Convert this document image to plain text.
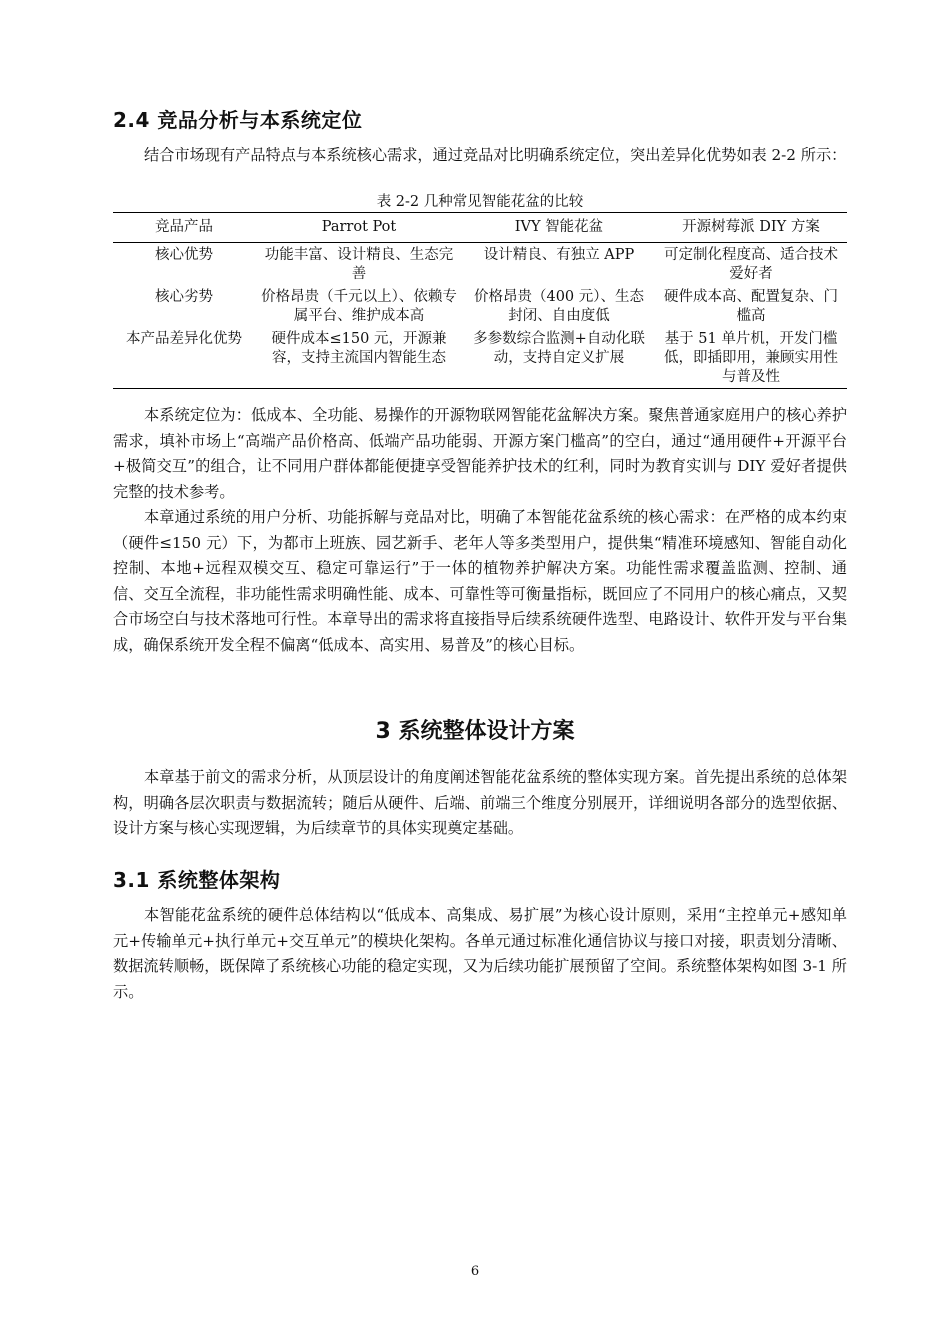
2.4 竞品分析与本系统定位

结合市场现有产品特点与本系统核心需求，通过竞品对比明确系统定位，突出差异化优势如表 2-2 所示：

表 2-2 几种常见智能花盆的比较
竞品产品	Parrot Pot	IVY 智能花盆	开源树莓派 DIY 方案
核心优势	功能丰富、设计精良、生态完善	设计精良、有独立 APP	可定制化程度高、适合技术爱好者
核心劣势	价格昂贵（千元以上）、依赖专属平台、维护成本高	价格昂贵（400 元）、生态封闭、自由度低	硬件成本高、配置复杂、门槛高
本产品差异化优势	硬件成本≤150 元，开源兼容，支持主流国内智能生态	多参数综合监测+自动化联动，支持自定义扩展	基于 51 单片机，开发门槛低，即插即用，兼顾实用性与普及性

本系统定位为：低成本、全功能、易操作的开源物联网智能花盆解决方案。聚焦普通家庭用户的核心养护需求，填补市场上“高端产品价格高、低端产品功能弱、开源方案门槛高”的空白，通过“通用硬件+开源平台+极简交互”的组合，让不同用户群体都能便捷享受智能养护技术的红利，同时为教育实训与 DIY 爱好者提供完整的技术参考。

本章通过系统的用户分析、功能拆解与竞品对比，明确了本智能花盆系统的核心需求：在严格的成本约束（硬件≤150 元）下，为都市上班族、园艺新手、老年人等多类型用户，提供集“精准环境感知、智能自动化控制、本地+远程双模交互、稳定可靠运行”于一体的植物养护解决方案。功能性需求覆盖监测、控制、通信、交互全流程，非功能性需求明确性能、成本、可靠性等可衡量指标，既回应了不同用户的核心痛点，又契合市场空白与技术落地可行性。本章导出的需求将直接指导后续系统硬件选型、电路设计、软件开发与平台集成，确保系统开发全程不偏离“低成本、高实用、易普及”的核心目标。

3 系统整体设计方案

本章基于前文的需求分析，从顶层设计的角度阐述智能花盆系统的整体实现方案。首先提出系统的总体架构，明确各层次职责与数据流转；随后从硬件、后端、前端三个维度分别展开，详细说明各部分的选型依据、设计方案与核心实现逻辑，为后续章节的具体实现奠定基础。

3.1 系统整体架构

本智能花盆系统的硬件总体结构以“低成本、高集成、易扩展”为核心设计原则，采用“主控单元+感知单元+传输单元+执行单元+交互单元”的模块化架构。各单元通过标准化通信协议与接口对接，职责划分清晰、数据流转顺畅，既保障了系统核心功能的稳定实现，又为后续功能扩展预留了空间。系统整体架构如图 3-1 所示。

6
